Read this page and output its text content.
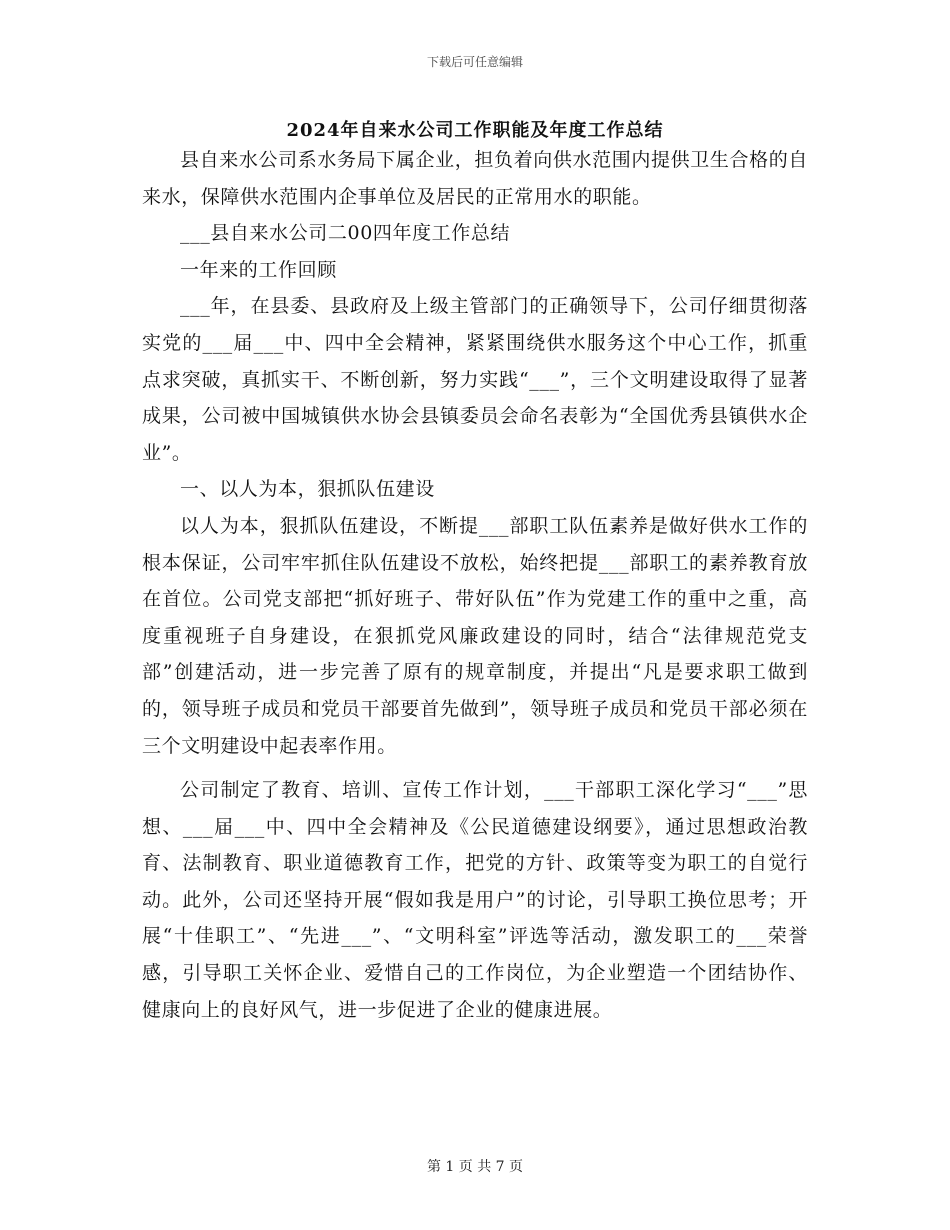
下载后可任意编辑
2024年自来水公司工作职能及年度工作总结

县自来水公司系水务局下属企业，担负着向供水范围内提供卫生合格的自来水，保障供水范围内企事单位及居民的正常用水的职能。

___县自来水公司二00四年度工作总结

一年来的工作回顾

___年，在县委、县政府及上级主管部门的正确领导下，公司仔细贯彻落实党的___届___中、四中全会精神，紧紧围绕供水服务这个中心工作，抓重点求突破，真抓实干、不断创新，努力实践“___”，三个文明建设取得了显著成果，公司被中国城镇供水协会县镇委员会命名表彰为“全国优秀县镇供水企业”。

一、以人为本，狠抓队伍建设

以人为本，狠抓队伍建设，不断提___部职工队伍素养是做好供水工作的根本保证，公司牢牢抓住队伍建设不放松，始终把提___部职工的素养教育放在首位。公司党支部把“抓好班子、带好队伍”作为党建工作的重中之重，高度重视班子自身建设，在狠抓党风廉政建设的同时，结合“法律规范党支部”创建活动，进一步完善了原有的规章制度，并提出“凡是要求职工做到的，领导班子成员和党员干部要首先做到”，领导班子成员和党员干部必须在三个文明建设中起表率作用。

公司制定了教育、培训、宣传工作计划，___干部职工深化学习“___”思想、___届___中、四中全会精神及《公民道德建设纲要》，通过思想政治教育、法制教育、职业道德教育工作，把党的方针、政策等变为职工的自觉行动。此外，公司还坚持开展“假如我是用户”的讨论，引导职工换位思考；开展“十佳职工”、“先进___”、“文明科室”评选等活动，激发职工的___荣誉感，引导职工关怀企业、爱惜自己的工作岗位，为企业塑造一个团结协作、健康向上的良好风气，进一步促进了企业的健康进展。

第 1 页 共 7 页
